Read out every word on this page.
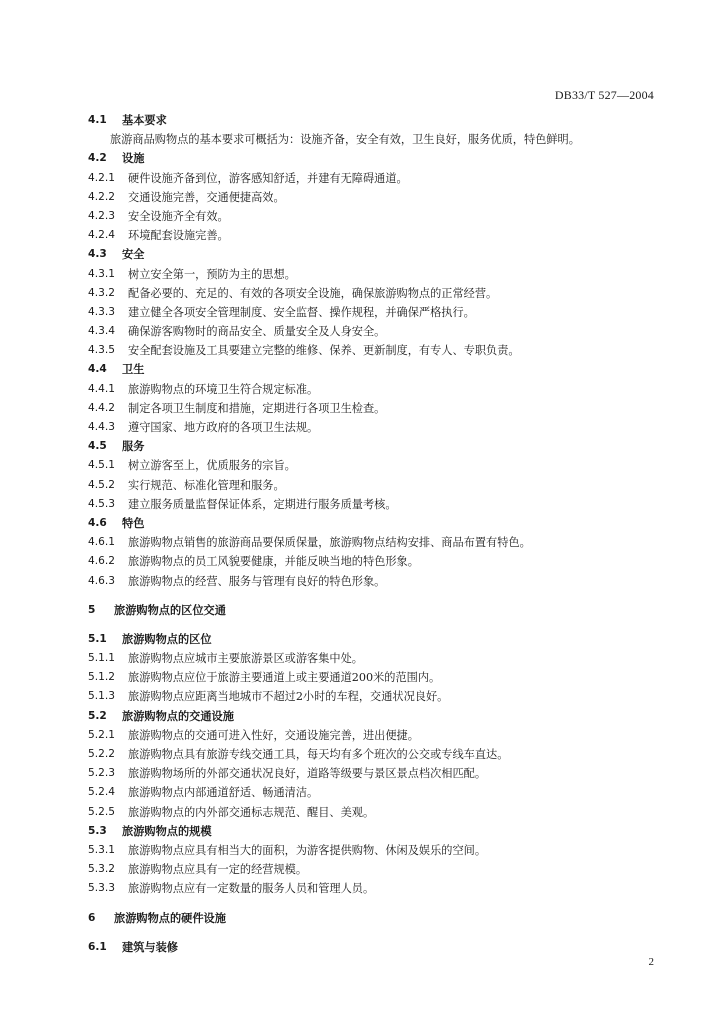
DB33/T 527—2004
4.1	基本要求
旅游商品购物点的基本要求可概括为：设施齐备，安全有效，卫生良好，服务优质，特色鲜明。
4.2	设施
4.2.1	硬件设施齐备到位，游客感知舒适，并建有无障碍通道。
4.2.2	交通设施完善，交通便捷高效。
4.2.3	安全设施齐全有效。
4.2.4	环境配套设施完善。
4.3	安全
4.3.1	树立安全第一，预防为主的思想。
4.3.2	配备必要的、充足的、有效的各项安全设施，确保旅游购物点的正常经营。
4.3.3	建立健全各项安全管理制度、安全监督、操作规程，并确保严格执行。
4.3.4	确保游客购物时的商品安全、质量安全及人身安全。
4.3.5	安全配套设施及工具要建立完整的维修、保养、更新制度，有专人、专职负责。
4.4	卫生
4.4.1	旅游购物点的环境卫生符合规定标准。
4.4.2	制定各项卫生制度和措施，定期进行各项卫生检查。
4.4.3	遵守国家、地方政府的各项卫生法规。
4.5	服务
4.5.1	树立游客至上，优质服务的宗旨。
4.5.2	实行规范、标准化管理和服务。
4.5.3	建立服务质量监督保证体系，定期进行服务质量考核。
4.6	特色
4.6.1	旅游购物点销售的旅游商品要保质保量，旅游购物点结构安排、商品布置有特色。
4.6.2	旅游购物点的员工风貌要健康，并能反映当地的特色形象。
4.6.3	旅游购物点的经营、服务与管理有良好的特色形象。
5	旅游购物点的区位交通
5.1	旅游购物点的区位
5.1.1	旅游购物点应城市主要旅游景区或游客集中处。
5.1.2	旅游购物点应位于旅游主要通道上或主要通道200米的范围内。
5.1.3	旅游购物点应距离当地城市不超过2小时的车程，交通状况良好。
5.2	旅游购物点的交通设施
5.2.1	旅游购物点的交通可进入性好，交通设施完善，进出便捷。
5.2.2	旅游购物点具有旅游专线交通工具，每天均有多个班次的公交或专线车直达。
5.2.3	旅游购物场所的外部交通状况良好，道路等级要与景区景点档次相匹配。
5.2.4	旅游购物点内部通道舒适、畅通清洁。
5.2.5	旅游购物点的内外部交通标志规范、醒目、美观。
5.3	旅游购物点的规模
5.3.1	旅游购物点应具有相当大的面积，为游客提供购物、休闲及娱乐的空间。
5.3.2	旅游购物点应具有一定的经营规模。
5.3.3	旅游购物点应有一定数量的服务人员和管理人员。
6	旅游购物点的硬件设施
6.1	建筑与装修
2
